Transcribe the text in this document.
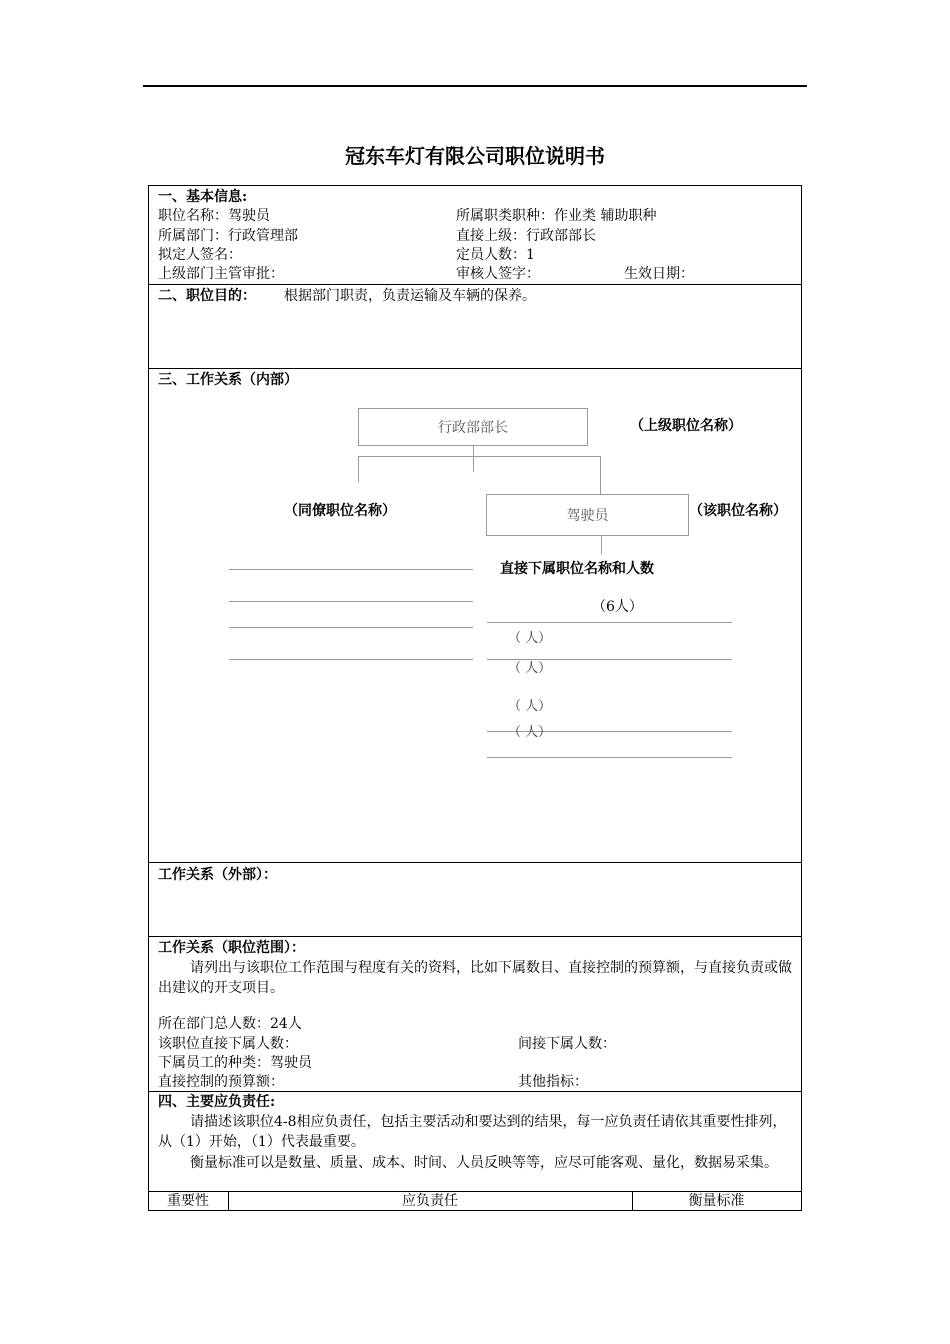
冠东车灯有限公司职位说明书
一、基本信息:
职位名称：驾驶员	所属职类职种：作业类 辅助职种
所属部门：行政管理部	直接上级：行政部部长
拟定人签名：	定员人数：1
上级部门主管审批：	审核人签字：	生效日期：
二、职位目的： 根据部门职责，负责运输及车辆的保养。
三、工作关系（内部）
行政部部长	（上级职位名称）
（同僚职位名称）	驾驶员	（该职位名称）
直接下属职位名称和人数
（6人）
（ 人）
（ 人）
（ 人）
（ 人）
工作关系（外部）：
工作关系（职位范围）：
请列出与该职位工作范围与程度有关的资料，比如下属数目、直接控制的预算额，与直接负责或做出建议的开支项目。
所在部门总人数：24人
该职位直接下属人数：	间接下属人数：
下属员工的种类：驾驶员
直接控制的预算额：	其他指标：
四、主要应负责任:
请描述该职位4-8相应负责任，包括主要活动和要达到的结果，每一应负责任请依其重要性排列，从（1）开始，（1）代表最重要。
衡量标准可以是数量、质量、成本、时间、人员反映等等，应尽可能客观、量化，数据易采集。
重要性	应负责任	衡量标准
